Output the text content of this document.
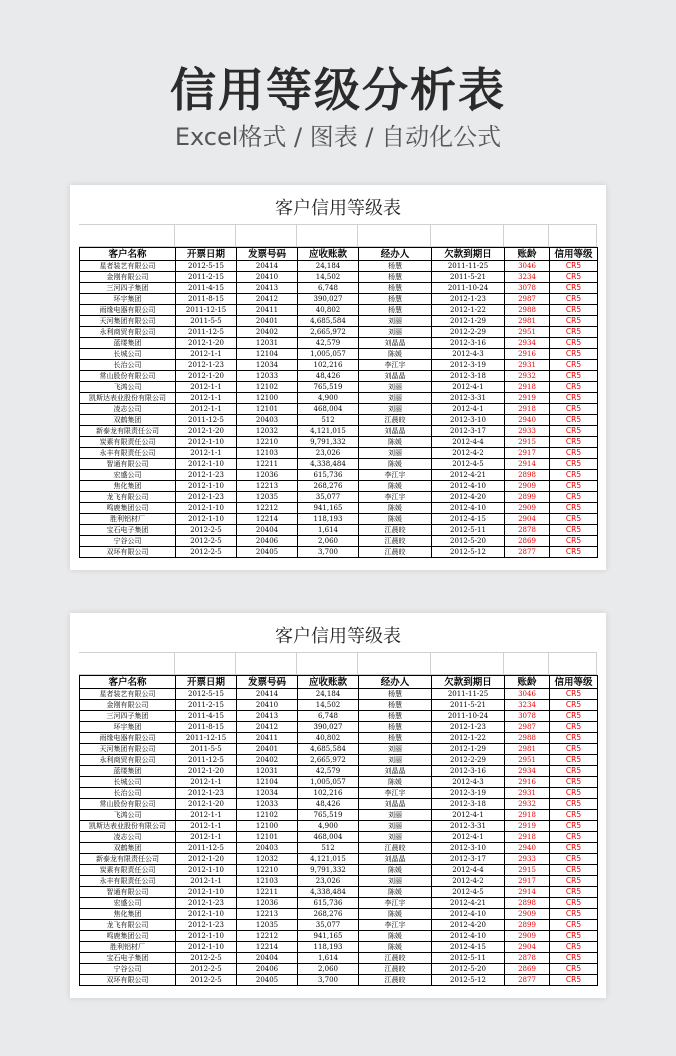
信用等级分析表
Excel格式 / 图表 / 自动化公式
客户信用等级表
客户名称	开票日期	发票号码	应收账款	经办人	欠款到期日	账龄	信用等级
星者装艺有限公司	2012-5-15	20414	24,184	杨慧	2011-11-25	3046	CR5
金刚有限公司	2011-2-15	20410	14,502	杨慧	2011-5-21	3234	CR5
三河四子集团	2011-4-15	20413	6,748	杨慧	2011-10-24	3078	CR5
环宇集团	2011-8-15	20412	390,027	杨慧	2012-1-23	2987	CR5
雨缘电器有限公司	2011-12-15	20411	40,802	杨慧	2012-1-22	2988	CR5
天河集团有限公司	2011-5-5	20401	4,685,584	刘丽	2012-1-29	2981	CR5
永利商贸有限公司	2011-12-5	20402	2,665,972	刘丽	2012-2-29	2951	CR5
蓝缕集团	2012-1-20	12031	42,579	刘晶晶	2012-3-16	2934	CR5
长城公司	2012-1-1	12104	1,005,057	陈媛	2012-4-3	2916	CR5
长治公司	2012-1-23	12034	102,216	李江宇	2012-3-19	2931	CR5
常山股份有限公司	2012-1-20	12033	48,426	刘晶晶	2012-3-18	2932	CR5
飞鸿公司	2012-1-1	12102	765,519	刘丽	2012-4-1	2918	CR5
凯斯达表业股份有限公司	2012-1-1	12100	4,900	刘丽	2012-3-31	2919	CR5
凌志公司	2012-1-1	12101	468,004	刘丽	2012-4-1	2918	CR5
双鹤集团	2011-12-5	20403	512	江晨皎	2012-3-10	2940	CR5
新泰龙有限责任公司	2012-1-20	12032	4,121,015	刘晶晶	2012-3-17	2933	CR5
炭素有限责任公司	2012-1-10	12210	9,791,332	陈媛	2012-4-4	2915	CR5
永丰有限责任公司	2012-1-1	12103	23,026	刘丽	2012-4-2	2917	CR5
智通有限公司	2012-1-10	12211	4,338,484	陈媛	2012-4-5	2914	CR5
宏盛公司	2012-1-23	12036	615,736	李江宇	2012-4-21	2898	CR5
焦化集团	2012-1-10	12213	268,276	陈媛	2012-4-10	2909	CR5
龙飞有限公司	2012-1-23	12035	35,077	李江宇	2012-4-20	2899	CR5
鸣鹿集团公司	2012-1-10	12212	941,165	陈媛	2012-4-10	2909	CR5
胜利铝材厂	2012-1-10	12214	118,193	陈媛	2012-4-15	2904	CR5
宝石电子集团	2012-2-5	20404	1,614	江晨皎	2012-5-11	2878	CR5
宁谷公司	2012-2-5	20406	2,060	江晨皎	2012-5-20	2869	CR5
双环有限公司	2012-2-5	20405	3,700	江晨皎	2012-5-12	2877	CR5
客户信用等级表
客户名称	开票日期	发票号码	应收账款	经办人	欠款到期日	账龄	信用等级
星者装艺有限公司	2012-5-15	20414	24,184	杨慧	2011-11-25	3046	CR5
金刚有限公司	2011-2-15	20410	14,502	杨慧	2011-5-21	3234	CR5
三河四子集团	2011-4-15	20413	6,748	杨慧	2011-10-24	3078	CR5
环宇集团	2011-8-15	20412	390,027	杨慧	2012-1-23	2987	CR5
雨缘电器有限公司	2011-12-15	20411	40,802	杨慧	2012-1-22	2988	CR5
天河集团有限公司	2011-5-5	20401	4,685,584	刘丽	2012-1-29	2981	CR5
永利商贸有限公司	2011-12-5	20402	2,665,972	刘丽	2012-2-29	2951	CR5
蓝缕集团	2012-1-20	12031	42,579	刘晶晶	2012-3-16	2934	CR5
长城公司	2012-1-1	12104	1,005,057	陈媛	2012-4-3	2916	CR5
长治公司	2012-1-23	12034	102,216	李江宇	2012-3-19	2931	CR5
常山股份有限公司	2012-1-20	12033	48,426	刘晶晶	2012-3-18	2932	CR5
飞鸿公司	2012-1-1	12102	765,519	刘丽	2012-4-1	2918	CR5
凯斯达表业股份有限公司	2012-1-1	12100	4,900	刘丽	2012-3-31	2919	CR5
凌志公司	2012-1-1	12101	468,004	刘丽	2012-4-1	2918	CR5
双鹤集团	2011-12-5	20403	512	江晨皎	2012-3-10	2940	CR5
新泰龙有限责任公司	2012-1-20	12032	4,121,015	刘晶晶	2012-3-17	2933	CR5
炭素有限责任公司	2012-1-10	12210	9,791,332	陈媛	2012-4-4	2915	CR5
永丰有限责任公司	2012-1-1	12103	23,026	刘丽	2012-4-2	2917	CR5
智通有限公司	2012-1-10	12211	4,338,484	陈媛	2012-4-5	2914	CR5
宏盛公司	2012-1-23	12036	615,736	李江宇	2012-4-21	2898	CR5
焦化集团	2012-1-10	12213	268,276	陈媛	2012-4-10	2909	CR5
龙飞有限公司	2012-1-23	12035	35,077	李江宇	2012-4-20	2899	CR5
鸣鹿集团公司	2012-1-10	12212	941,165	陈媛	2012-4-10	2909	CR5
胜利铝材厂	2012-1-10	12214	118,193	陈媛	2012-4-15	2904	CR5
宝石电子集团	2012-2-5	20404	1,614	江晨皎	2012-5-11	2878	CR5
宁谷公司	2012-2-5	20406	2,060	江晨皎	2012-5-20	2869	CR5
双环有限公司	2012-2-5	20405	3,700	江晨皎	2012-5-12	2877	CR5
